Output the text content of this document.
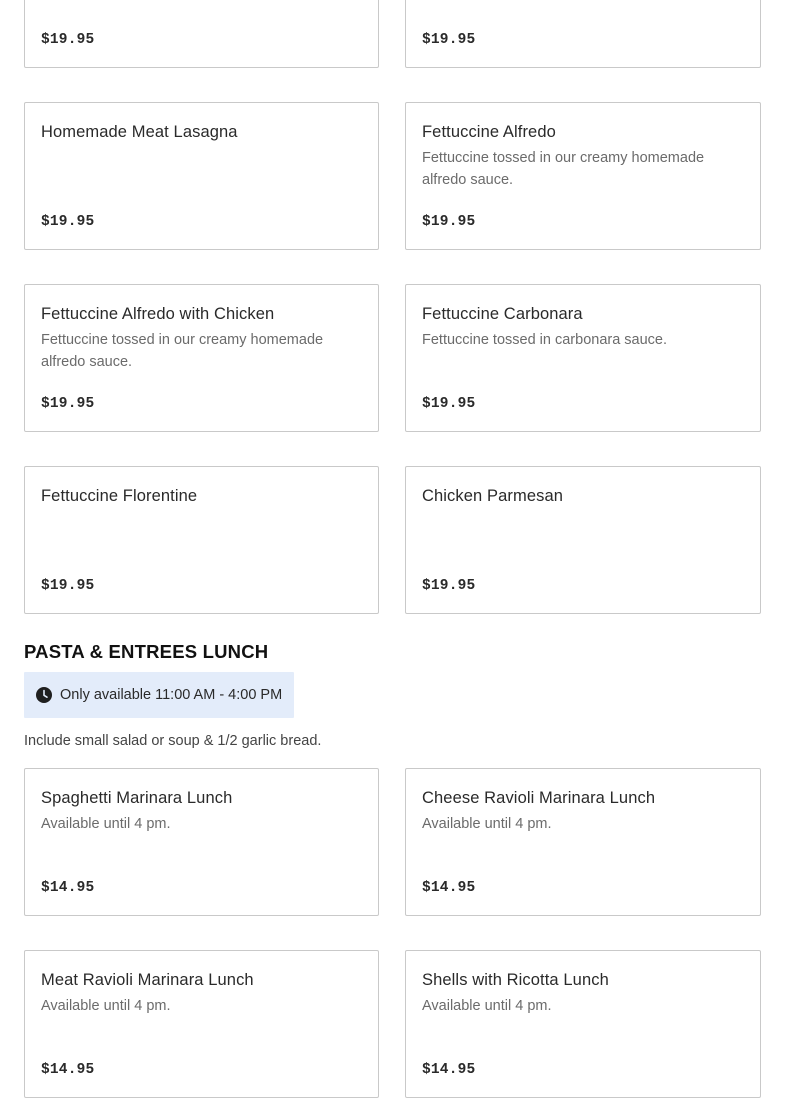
$19.95	$19.95
Homemade Meat Lasagna
$19.95
Fettuccine Alfredo
Fettuccine tossed in our creamy homemade alfredo sauce.
$19.95
Fettuccine Alfredo with Chicken
Fettuccine tossed in our creamy homemade alfredo sauce.
$19.95
Fettuccine Carbonara
Fettuccine tossed in carbonara sauce.
$19.95
Fettuccine Florentine
$19.95
Chicken Parmesan
$19.95
PASTA & ENTREES LUNCH
Only available 11:00 AM - 4:00 PM
Include small salad or soup & 1/2 garlic bread.
Spaghetti Marinara Lunch
Available until 4 pm.
$14.95
Cheese Ravioli Marinara Lunch
Available until 4 pm.
$14.95
Meat Ravioli Marinara Lunch
Available until 4 pm.
$14.95
Shells with Ricotta Lunch
Available until 4 pm.
$14.95
